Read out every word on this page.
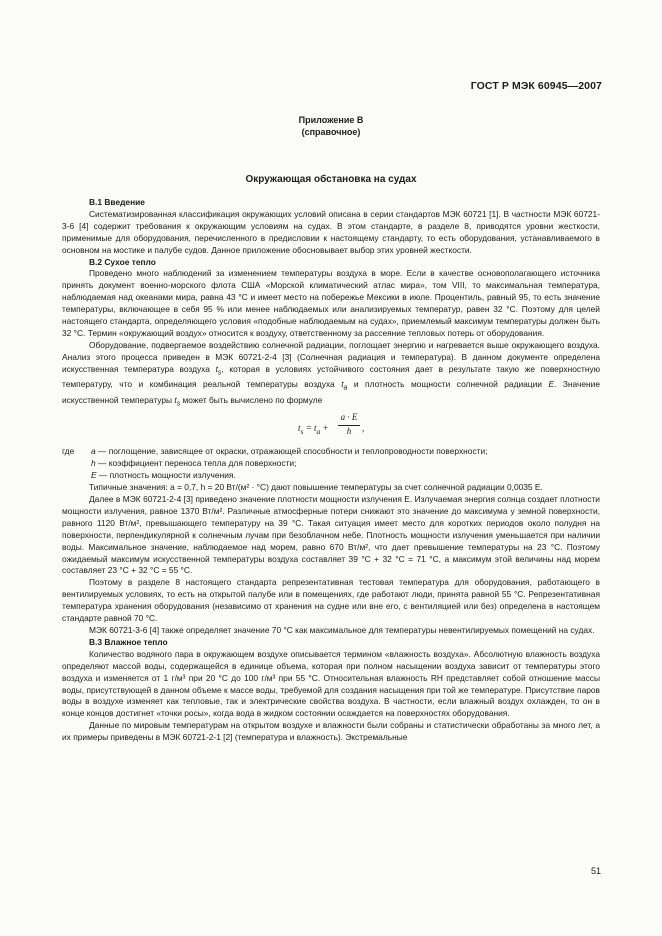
ГОСТ Р МЭК 60945—2007
Приложение В
(справочное)
Окружающая обстановка на судах

В.1 Введение

Систематизированная классификация окружающих условий описана в серии стандартов МЭК 60721 [1]. В частности МЭК 60721-3-6 [4] содержит требования к окружающим условиям на судах. В этом стандарте, в разделе 8, приводятся уровни жесткости, применимые для оборудования, перечисленного в предисловии к настоящему стандарту, то есть оборудования, устанавливаемого в основном на мостике и палубе судов. Данное приложение обосновывает выбор этих уровней жесткости.

В.2 Сухое тепло

Проведено много наблюдений за изменением температуры воздуха в море. Если в качестве основополагающего источника принять документ военно-морского флота США «Морской климатический атлас мира», том VIII, то максимальная температура, наблюдаемая над океанами мира, равна 43 °С и имеет место на побережье Мексики в июле. Процентиль, равный 95, то есть значение температуры, включающее в себя 95 % или менее наблюдаемых или анализируемых температур, равен 32 °С. Поэтому для целей настоящего стандарта, определяющего условия «подобные наблюдаемым на судах», приемлемый максимум температуры должен быть 32 °С. Термин «окружающий воздух» относится к воздуху, ответственному за рассеяние тепловых потерь от оборудования.

Оборудование, подвергаемое воздействию солнечной радиации, поглощает энергию и нагревается выше окружающего воздуха. Анализ этого процесса приведен в МЭК 60721-2-4 [3] (Солнечная радиация и температура). В данном документе определена искусственная температура воздуха $t_s$, которая в условиях устойчивого состояния дает в результате такую же поверхностную температуру, что и комбинация реальной температуры воздуха $t_a$ и плотность мощности солнечной радиации E. Значение искусственной температуры $t_s$ может быть вычислено по формуле

$t_s = t_a + \frac{a \cdot E}{h}$ ,
где	a — поглощение, зависящее от окраски, отражающей способности и теплопроводности поверхности;

h — коэффициент переноса тепла для поверхности;

E — плотность мощности излучения.

Типичные значения: a = 0,7, h = 20 Вт/(м² · °С) дают повышение температуры за счет солнечной радиации 0,0035 E.

Далее в МЭК 60721-2-4 [3] приведено значение плотности мощности излучения E. Излучаемая энергия солнца создает плотности мощности излучения, равное 1370 Вт/м². Различные атмосферные потери снижают это значение до максимума у земной поверхности, равного 1120 Вт/м², превышающего температуру на 39 °С. Такая ситуация имеет место для коротких периодов около полудня на поверхности, перпендикулярной к солнечным лучам при безоблачном небе. Плотность мощности излучения уменьшается при наличии воды. Максимальное значение, наблюдаемое над морем, равно 670 Вт/м², что дает превышение температуры на 23 °С. Поэтому ожидаемый максимум искусственной температуры воздуха составляет 39 °С + 32 °С = 71 °С, а максимум этой величины над морем составляет 23 °С + 32 °С = 55 °С.

Поэтому в разделе 8 настоящего стандарта репрезентативная тестовая температура для оборудования, работающего в вентилируемых условиях, то есть на открытой палубе или в помещениях, где работают люди, принята равной 55 °С. Репрезентативная температура хранения оборудования (независимо от хранения на судне или вне его, с вентиляцией или без) определена в настоящем стандарте равной 70 °С.

МЭК 60721-3-6 [4] также определяет значение 70 °С как максимальное для температуры невентилируемых помещений на судах.

В.3 Влажное тепло

Количество водяного пара в окружающем воздухе описывается термином «влажность воздуха». Абсолютную влажность воздуха определяют массой воды, содержащейся в единице объема, которая при полном насыщении воздуха зависит от температуры этого воздуха и изменяется от 1 г/м³ при 20 °С до 100 г/м³ при 55 °С. Относительная влажность RH представляет собой отношение массы воды, присутствующей в данном объеме к массе воды, требуемой для создания насыщения при той же температуре. Присутствие паров воды в воздухе изменяет как тепловые, так и электрические свойства воздуха. В частности, если влажный воздух охлажден, то он в конце концов достигнет «точки росы», когда вода в жидком состоянии осаждается на поверхностях оборудования.

Данные по мировым температурам на открытом воздухе и влажности были собраны и статистически обработаны за много лет, а их примеры приведены в МЭК 60721-2-1 [2] (температура и влажность). Экстремальные

51
